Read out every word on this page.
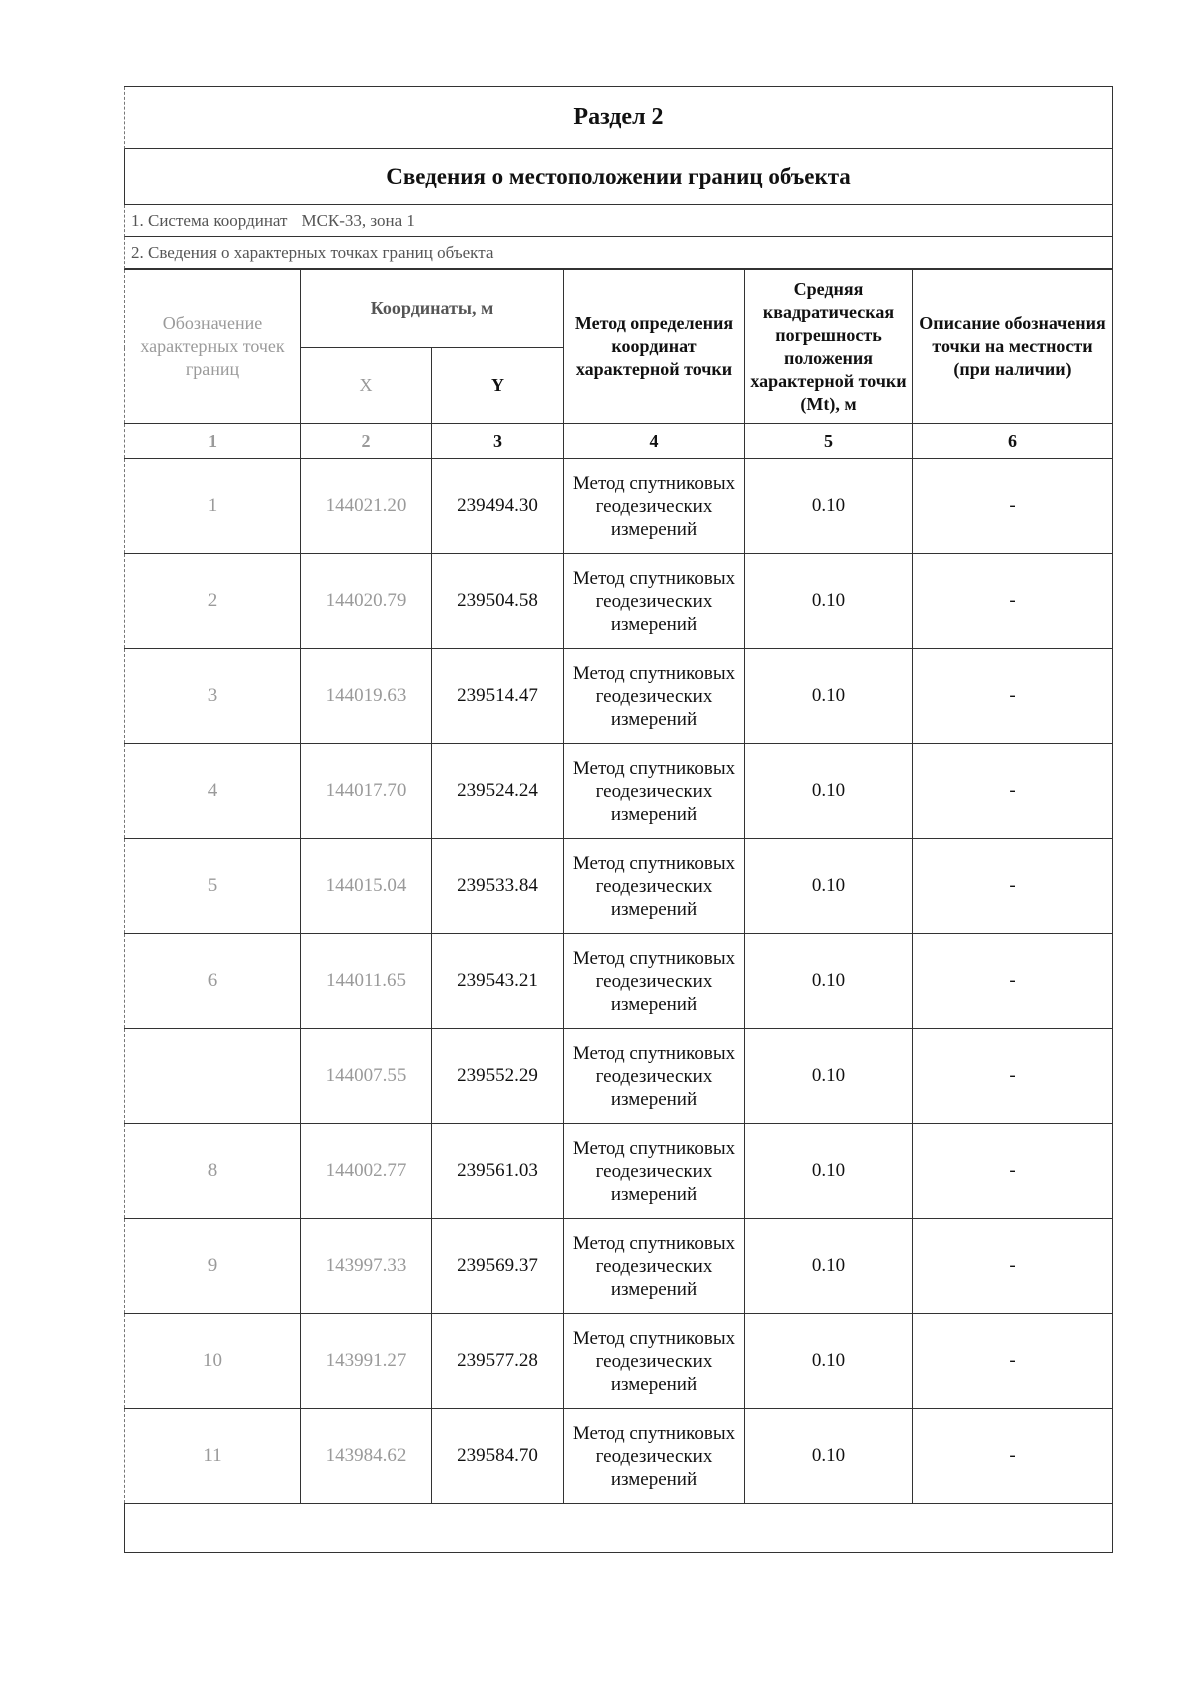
Раздел 2
Сведения о местоположении границ объекта
1. Система координат МСК-33, зона 1
2. Сведения о характерных точках границ объекта
Обозначение характерных точек границ	Координаты, м		Метод определения координат характерной точки	Средняя квадратическая погрешность положения характерной точки (Mt), м	Описание обозначения точки на местности (при наличии)
	X	Y			
1	2	3	4	5	6
1	144021.20	239494.30	Метод спутниковых геодезических измерений	0.10	-
2	144020.79	239504.58	Метод спутниковых геодезических измерений	0.10	-
3	144019.63	239514.47	Метод спутниковых геодезических измерений	0.10	-
4	144017.70	239524.24	Метод спутниковых геодезических измерений	0.10	-
5	144015.04	239533.84	Метод спутниковых геодезических измерений	0.10	-
6	144011.65	239543.21	Метод спутниковых геодезических измерений	0.10	-
	144007.55	239552.29	Метод спутниковых геодезических измерений	0.10	-
8	144002.77	239561.03	Метод спутниковых геодезических измерений	0.10	-
9	143997.33	239569.37	Метод спутниковых геодезических измерений	0.10	-
10	143991.27	239577.28	Метод спутниковых геодезических измерений	0.10	-
11	143984.62	239584.70	Метод спутниковых геодезических измерений	0.10	-
